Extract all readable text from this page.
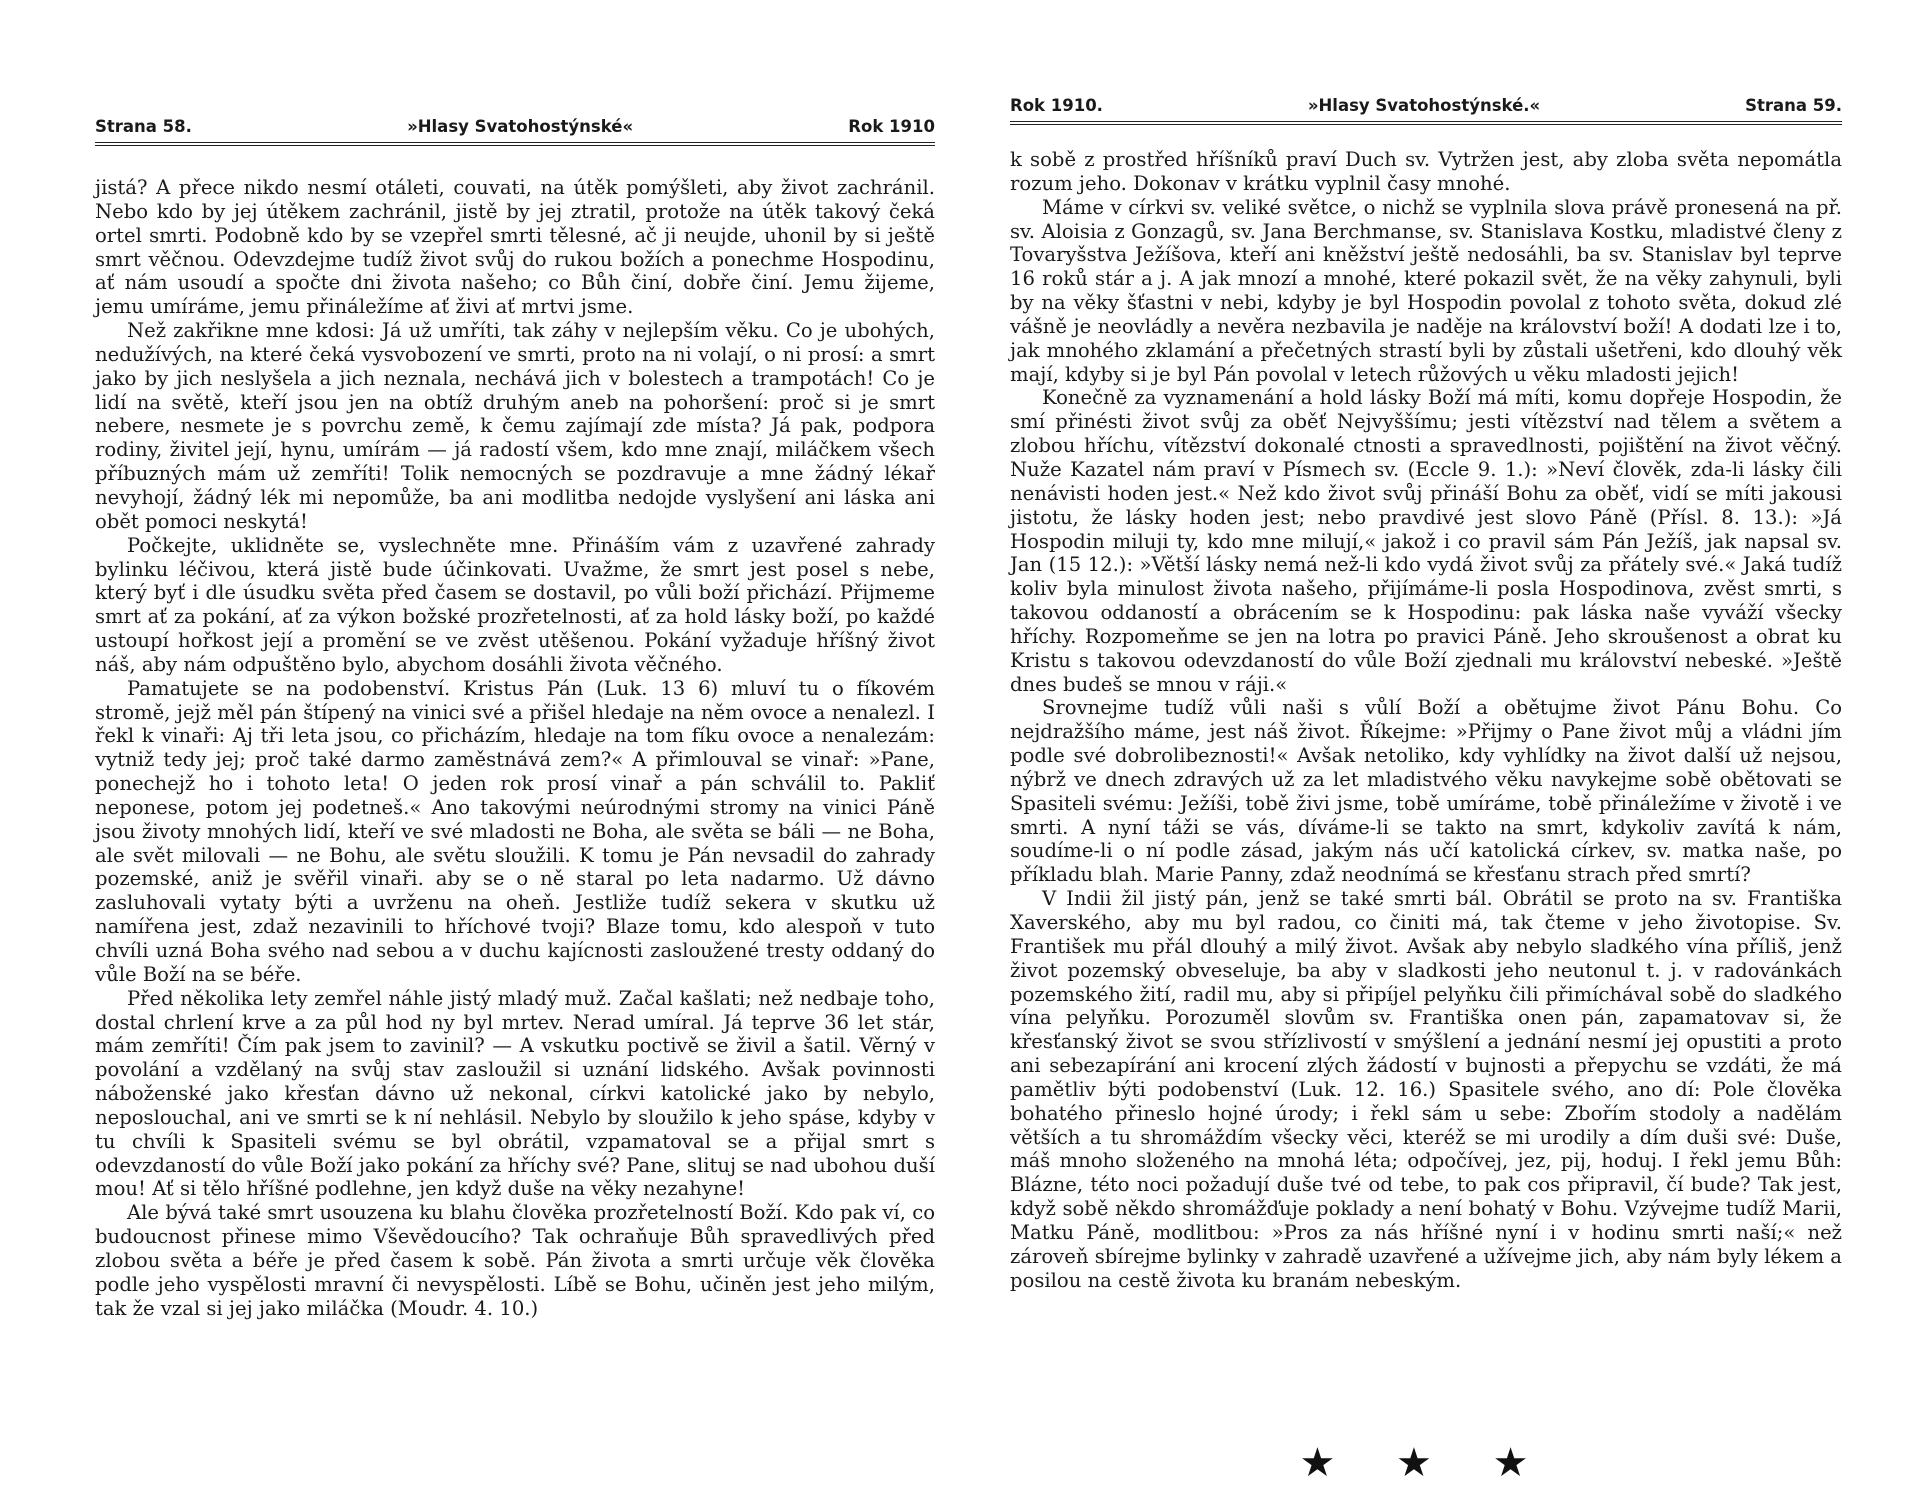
Strana 58.	»Hlasy Svatohostýnské«	Rok 1910

jistá? A přece nikdo nesmí otáleti, couvati, na útěk pomýšleti, aby život zachránil. Nebo kdo by jej útěkem zachránil, jistě by jej ztratil, protože na útěk takový čeká ortel smrti. Podobně kdo by se vzepřel smrti tělesné, ač ji neujde, uhonil by si ještě smrt věčnou. Odevzdejme tudíž život svůj do rukou božích a ponechme Hospodinu, ať nám usoudí a spočte dni života našeho; co Bůh činí, dobře činí. Jemu žijeme, jemu umíráme, jemu přináležíme ať živi ať mrtvi jsme.

Než zakřikne mne kdosi: Já už umříti, tak záhy v nejlepším věku. Co je ubohých, nedužívých, na které čeká vysvobození ve smrti, proto na ni volají, o ni prosí: a smrt jako by jich neslyšela a jich neznala, nechává jich v bolestech a trampotách! Co je lidí na světě, kteří jsou jen na obtíž druhým aneb na pohoršení: proč si je smrt nebere, nesmete je s povrchu země, k čemu zajímají zde místa? Já pak, podpora rodiny, živitel její, hynu, umírám — já radostí všem, kdo mne znají, miláčkem všech příbuzných mám už zemříti! Tolik nemocných se pozdravuje a mne žádný lékař nevyhojí, žádný lék mi nepomůže, ba ani modlitba nedojde vyslyšení ani láska ani obět pomoci neskytá!

Počkejte, uklidněte se, vyslechněte mne. Přináším vám z uzavřené zahrady bylinku léčivou, která jistě bude účinkovati. Uvažme, že smrt jest posel s nebe, který byť i dle úsudku světa před časem se dostavil, po vůli boží přichází. Přijmeme smrt ať za pokání, ať za výkon božské prozřetelnosti, ať za hold lásky boží, po každé ustoupí hořkost její a promění se ve zvěst utěšenou. Pokání vyžaduje hříšný život náš, aby nám odpuštěno bylo, abychom dosáhli života věčného.

Pamatujete se na podobenství. Kristus Pán (Luk. 13 6) mluví tu o fíkovém stromě, jejž měl pán štípený na vinici své a přišel hledaje na něm ovoce a nenalezl. I řekl k vinaři: Aj tři leta jsou, co přicházím, hledaje na tom fíku ovoce a nenalezám: vytniž tedy jej; proč také darmo zaměstnává zem?« A přimlouval se vinař: »Pane, ponechejž ho i tohoto leta! O jeden rok prosí vinař a pán schválil to. Pakliť neponese, potom jej podetneš.« Ano takovými neúrodnými stromy na vinici Páně jsou životy mnohých lidí, kteří ve své mladosti ne Boha, ale světa se báli — ne Boha, ale svět milovali — ne Bohu, ale světu sloužili. K tomu je Pán nevsadil do zahrady pozemské, aniž je svěřil vinaři. aby se o ně staral po leta nadarmo. Už dávno zasluhovali vytaty býti a uvrženu na oheň. Jestliže tudíž sekera v skutku už namířena jest, zdaž nezavinili to hříchové tvoji? Blaze tomu, kdo alespoň v tuto chvíli uzná Boha svého nad sebou a v duchu kajícnosti zasloužené tresty oddaný do vůle Boží na se béře.

Před několika lety zemřel náhle jistý mladý muž. Začal kašlati; než nedbaje toho, dostal chrlení krve a za půl hod ny byl mrtev. Nerad umíral. Já teprve 36 let stár, mám zemříti! Čím pak jsem to zavinil? — A vskutku poctivě se živil a šatil. Věrný v povolání a vzdělaný na svůj stav zasloužil si uznání lidského. Avšak povinnosti náboženské jako křesťan dávno už nekonal, církvi katolické jako by nebylo, neposlouchal, ani ve smrti se k ní nehlásil. Nebylo by sloužilo k jeho spáse, kdyby v tu chvíli k Spasiteli svému se byl obrátil, vzpamatoval se a přijal smrt s odevzdaností do vůle Boží jako pokání za hříchy své? Pane, slituj se nad ubohou duší mou! Ať si tělo hříšné podlehne, jen když duše na věky nezahyne!

Ale bývá také smrt usouzena ku blahu člověka prozřetelností Boží. Kdo pak ví, co budoucnost přinese mimo Vševědoucího? Tak ochraňuje Bůh spravedlivých před zlobou světa a béře je před časem k sobě. Pán života a smrti určuje věk člověka podle jeho vyspělosti mravní či nevyspělosti. Líbě se Bohu, učiněn jest jeho milým, tak že vzal si jej jako miláčka (Moudr. 4. 10.)

Rok 1910.	»Hlasy Svatohostýnské.«	Strana 59.

k sobě z prostřed hříšníků praví Duch sv. Vytržen jest, aby zloba světa nepomátla rozum jeho. Dokonav v krátku vyplnil časy mnohé.

Máme v církvi sv. veliké světce, o nichž se vyplnila slova právě pronesená na př. sv. Aloisia z Gonzagů, sv. Jana Berchmanse, sv. Stanislava Kostku, mladistvé členy z Tovaryšstva Ježíšova, kteří ani kněžství ještě nedosáhli, ba sv. Stanislav byl teprve 16 roků stár a j. A jak mnozí a mnohé, které pokazil svět, že na věky zahynuli, byli by na věky šťastni v nebi, kdyby je byl Hospodin povolal z tohoto světa, dokud zlé vášně je neovládly a nevěra nezbavila je naděje na království boží! A dodati lze i to, jak mnohého zklamání a přečetných strastí byli by zůstali ušetřeni, kdo dlouhý věk mají, kdyby si je byl Pán povolal v letech růžových u věku mladosti jejich!

Konečně za vyznamenání a hold lásky Boží má míti, komu dopřeje Hospodin, že smí přinésti život svůj za oběť Nejvyššímu; jesti vítězství nad tělem a světem a zlobou hříchu, vítězství dokonalé ctnosti a spravedlnosti, pojištění na život věčný. Nuže Kazatel nám praví v Písmech sv. (Eccle 9. 1.): »Neví člověk, zda-li lásky čili nenávisti hoden jest.« Než kdo život svůj přináší Bohu za oběť, vidí se míti jakousi jistotu, že lásky hoden jest; nebo pravdivé jest slovo Páně (Přísl. 8. 13.): »Já Hospodin miluji ty, kdo mne milují,« jakož i co pravil sám Pán Ježíš, jak napsal sv. Jan (15 12.): »Větší lásky nemá než-li kdo vydá život svůj za přátely své.« Jaká tudíž koliv byla minulost života našeho, přijímáme-li posla Hospodinova, zvěst smrti, s takovou oddaností a obrácením se k Hospodinu: pak láska naše vyváží všecky hříchy. Rozpomeňme se jen na lotra po pravici Páně. Jeho skroušenost a obrat ku Kristu s takovou odevzdaností do vůle Boží zjednali mu království nebeské. »Ještě dnes budeš se mnou v ráji.«

Srovnejme tudíž vůli naši s vůlí Boží a obětujme život Pánu Bohu. Co nejdražšího máme, jest náš život. Říkejme: »Přijmy o Pane život můj a vládni jím podle své dobrolibeznosti!« Avšak netoliko, kdy vyhlídky na život další už nejsou, nýbrž ve dnech zdravých už za let mladistvého věku navykejme sobě obětovati se Spasiteli svému: Ježíši, tobě živi jsme, tobě umíráme, tobě přináležíme v životě i ve smrti. A nyní táži se vás, díváme-li se takto na smrt, kdykoliv zavítá k nám, soudíme-li o ní podle zásad, jakým nás učí katolická církev, sv. matka naše, po příkladu blah. Marie Panny, zdaž neodnímá se křesťanu strach před smrtí?

V Indii žil jistý pán, jenž se také smrti bál. Obrátil se proto na sv. Františka Xaverského, aby mu byl radou, co činiti má, tak čteme v jeho životopise. Sv. František mu přál dlouhý a milý život. Avšak aby nebylo sladkého vína příliš, jenž život pozemský obveseluje, ba aby v sladkosti jeho neutonul t. j. v radovánkách pozemského žití, radil mu, aby si připíjel pelyňku čili přimíchával sobě do sladkého vína pelyňku. Porozuměl slovům sv. Františka onen pán, zapamatovav si, že křesťanský život se svou střízlivostí v smýšlení a jednání nesmí jej opustiti a proto ani sebezapírání ani krocení zlých žádostí v bujnosti a přepychu se vzdáti, že má pamětliv býti podobenství (Luk. 12. 16.) Spasitele svého, ano dí: Pole člověka bohatého přineslo hojné úrody; i řekl sám u sebe: Zbořím stodoly a nadělám větších a tu shromáždím všecky věci, kteréž se mi urodily a dím duši své: Duše, máš mnoho složeného na mnohá léta; odpočívej, jez, pij, hoduj. I řekl jemu Bůh: Blázne, této noci požadují duše tvé od tebe, to pak cos připravil, čí bude? Tak jest, když sobě někdo shromážďuje poklady a není bohatý v Bohu. Vzývejme tudíž Marii, Matku Páně, modlitbou: »Pros za nás hříšné nyní i v hodinu smrti naší;« než zároveň sbírejme bylinky v zahradě uzavřené a užívejme jich, aby nám byly lékem a posilou na cestě života ku branám nebeským.

★ ★ ★
